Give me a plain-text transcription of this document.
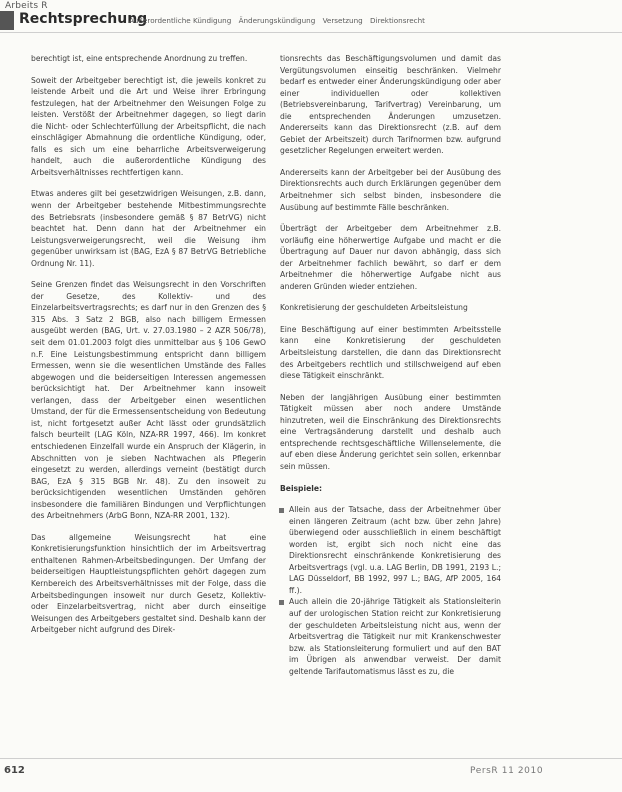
Arbeits R
Rechtsprechung
Außerordentliche Kündigung Änderungskündigung Versetzung Direktionsrecht

berechtigt ist, eine entsprechende Anordnung zu treffen.

Soweit der Arbeitgeber berechtigt ist, die jeweils konkret zu leistende Arbeit und die Art und Weise ihrer Erbringung festzulegen, hat der Arbeitnehmer den Weisungen Folge zu leisten. Verstößt der Arbeitnehmer dagegen, so liegt darin die Nicht- oder Schlechterfüllung der Arbeitspflicht, die nach einschlägiger Abmahnung die ordentliche Kündigung, oder, falls es sich um eine beharrliche Arbeitsverweigerung handelt, auch die außerordentliche Kündigung des Arbeitsverhältnisses rechtfertigen kann.

Etwas anderes gilt bei gesetzwidrigen Weisungen, z.B. dann, wenn der Arbeitgeber bestehende Mitbestimmungsrechte des Betriebsrats (insbesondere gemäß § 87 BetrVG) nicht beachtet hat. Denn dann hat der Arbeitnehmer ein Leistungsverweigerungsrecht, weil die Weisung ihm gegenüber unwirksam ist (BAG, EzA § 87 BetrVG Betriebliche Ordnung Nr. 11).

Seine Grenzen findet das Weisungsrecht in den Vorschriften der Gesetze, des Kollektiv- und des Einzelarbeitsvertragsrechts; es darf nur in den Grenzen des § 315 Abs. 3 Satz 2 BGB, also nach billigem Ermessen ausgeübt werden (BAG, Urt. v. 27.03.1980 – 2 AZR 506/78), seit dem 01.01.2003 folgt dies unmittelbar aus § 106 GewO n.F. Eine Leistungsbestimmung entspricht dann billigem Ermessen, wenn sie die wesentlichen Umstände des Falles abgewogen und die beiderseitigen Interessen angemessen berücksichtigt hat. Der Arbeitnehmer kann insoweit verlangen, dass der Arbeitgeber einen wesentlichen Umstand, der für die Ermessensentscheidung von Bedeutung ist, nicht fortgesetzt außer Acht lässt oder grundsätzlich falsch beurteilt (LAG Köln, NZA-RR 1997, 466). Im konkret entschiedenen Einzelfall wurde ein Anspruch der Klägerin, in Abschnitten von je sieben Nachtwachen als Pflegerin eingesetzt zu werden, allerdings verneint (bestätigt durch BAG, EzA § 315 BGB Nr. 48). Zu den insoweit zu berücksichtigenden wesentlichen Umständen gehören insbesondere die familiären Bindungen und Verpflichtungen des Arbeitnehmers (ArbG Bonn, NZA-RR 2001, 132).

Das allgemeine Weisungsrecht hat eine Konkretisierungsfunktion hinsichtlich der im Arbeitsvertrag enthaltenen Rahmen-Arbeitsbedingungen. Der Umfang der beiderseitigen Hauptleistungspflichten gehört dagegen zum Kernbereich des Arbeitsverhältnisses mit der Folge, dass die Arbeitsbedingungen insoweit nur durch Gesetz, Kollektiv- oder Einzelarbeitsvertrag, nicht aber durch einseitige Weisungen des Arbeitgebers gestaltet sind. Deshalb kann der Arbeitgeber nicht aufgrund des Direk-

tionsrechts das Beschäftigungsvolumen und damit das Vergütungsvolumen einseitig beschränken. Vielmehr bedarf es entweder einer Änderungskündigung oder aber einer individuellen oder kollektiven (Betriebsvereinbarung, Tarifvertrag) Vereinbarung, um die entsprechenden Änderungen umzusetzen. Andererseits kann das Direktionsrecht (z.B. auf dem Gebiet der Arbeitszeit) durch Tarifnormen bzw. aufgrund gesetzlicher Regelungen erweitert werden.

Andererseits kann der Arbeitgeber bei der Ausübung des Direktionsrechts auch durch Erklärungen gegenüber dem Arbeitnehmer sich selbst binden, insbesondere die Ausübung auf bestimmte Fälle beschränken.

Überträgt der Arbeitgeber dem Arbeitnehmer z.B. vorläufig eine höherwertige Aufgabe und macht er die Übertragung auf Dauer nur davon abhängig, dass sich der Arbeitnehmer fachlich bewährt, so darf er dem Arbeitnehmer die höherwertige Aufgabe nicht aus anderen Gründen wieder entziehen.

Konkretisierung der geschuldeten Arbeitsleistung

Eine Beschäftigung auf einer bestimmten Arbeitsstelle kann eine Konkretisierung der geschuldeten Arbeitsleistung darstellen, die dann das Direktionsrecht des Arbeitgebers rechtlich und stillschweigend auf eben diese Tätigkeit einschränkt.

Neben der langjährigen Ausübung einer bestimmten Tätigkeit müssen aber noch andere Umstände hinzutreten, weil die Einschränkung des Direktionsrechts eine Vertragsänderung darstellt und deshalb auch entsprechende rechtsgeschäftliche Willenselemente, die auf eben diese Änderung gerichtet sein sollen, erkennbar sein müssen.

Beispiele:

Allein aus der Tatsache, dass der Arbeitnehmer über einen längeren Zeitraum (acht bzw. über zehn Jahre) überwiegend oder ausschließlich in einem beschäftigt worden ist, ergibt sich noch nicht eine das Direktionsrecht einschränkende Konkretisierung des Arbeitsvertrags (vgl. u.a. LAG Berlin, DB 1991, 2193 L.; LAG Düsseldorf, BB 1992, 997 L.; BAG, AfP 2005, 164 ff.).
Auch allein die 20-jährige Tätigkeit als Stationsleiterin auf der urologischen Station reicht zur Konkretisierung der geschuldeten Arbeitsleistung nicht aus, wenn der Arbeitsvertrag die Tätigkeit nur mit Krankenschwester bzw. als Stationsleiterung formuliert und auf den BAT im Übrigen als anwendbar verweist. Der damit geltende Tarifautomatismus lässt es zu, die
612	PersR 11 2010
